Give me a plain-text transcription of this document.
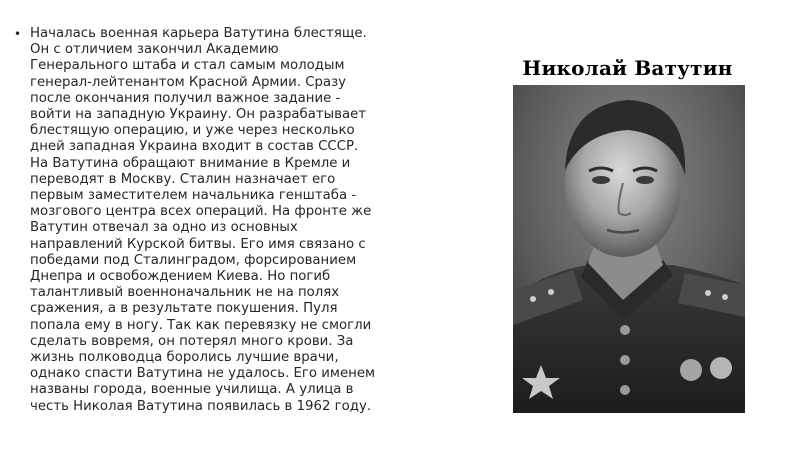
• Началась военная карьера Ватутина блестяще.
Он с отличием закончил Академию
Генерального штаба и стал самым молодым
генерал-лейтенантом Красной Армии. Сразу
после окончания получил важное задание -
войти на западную Украину. Он разрабатывает
блестящую операцию, и уже через несколько
дней западная Украина входит в состав СССР.
На Ватутина обращают внимание в Кремле и
переводят в Москву. Сталин назначает его
первым заместителем начальника генштаба -
мозгового центра всех операций. На фронте же
Ватутин отвечал за одно из основных
направлений Курской битвы. Его имя связано с
победами под Сталинградом, форсированием
Днепра и освобождением Киева. Но погиб
талантливый военноначальник не на полях
сражения, а в результате покушения. Пуля
попала ему в ногу. Так как перевязку не смогли
сделать вовремя, он потерял много крови. За
жизнь полководца боролись лучшие врачи,
однако спасти Ватутина не удалось. Его именем
названы города, военные училища. А улица в
честь Николая Ватутина появилась в 1962 году.
Николай Ватутин
